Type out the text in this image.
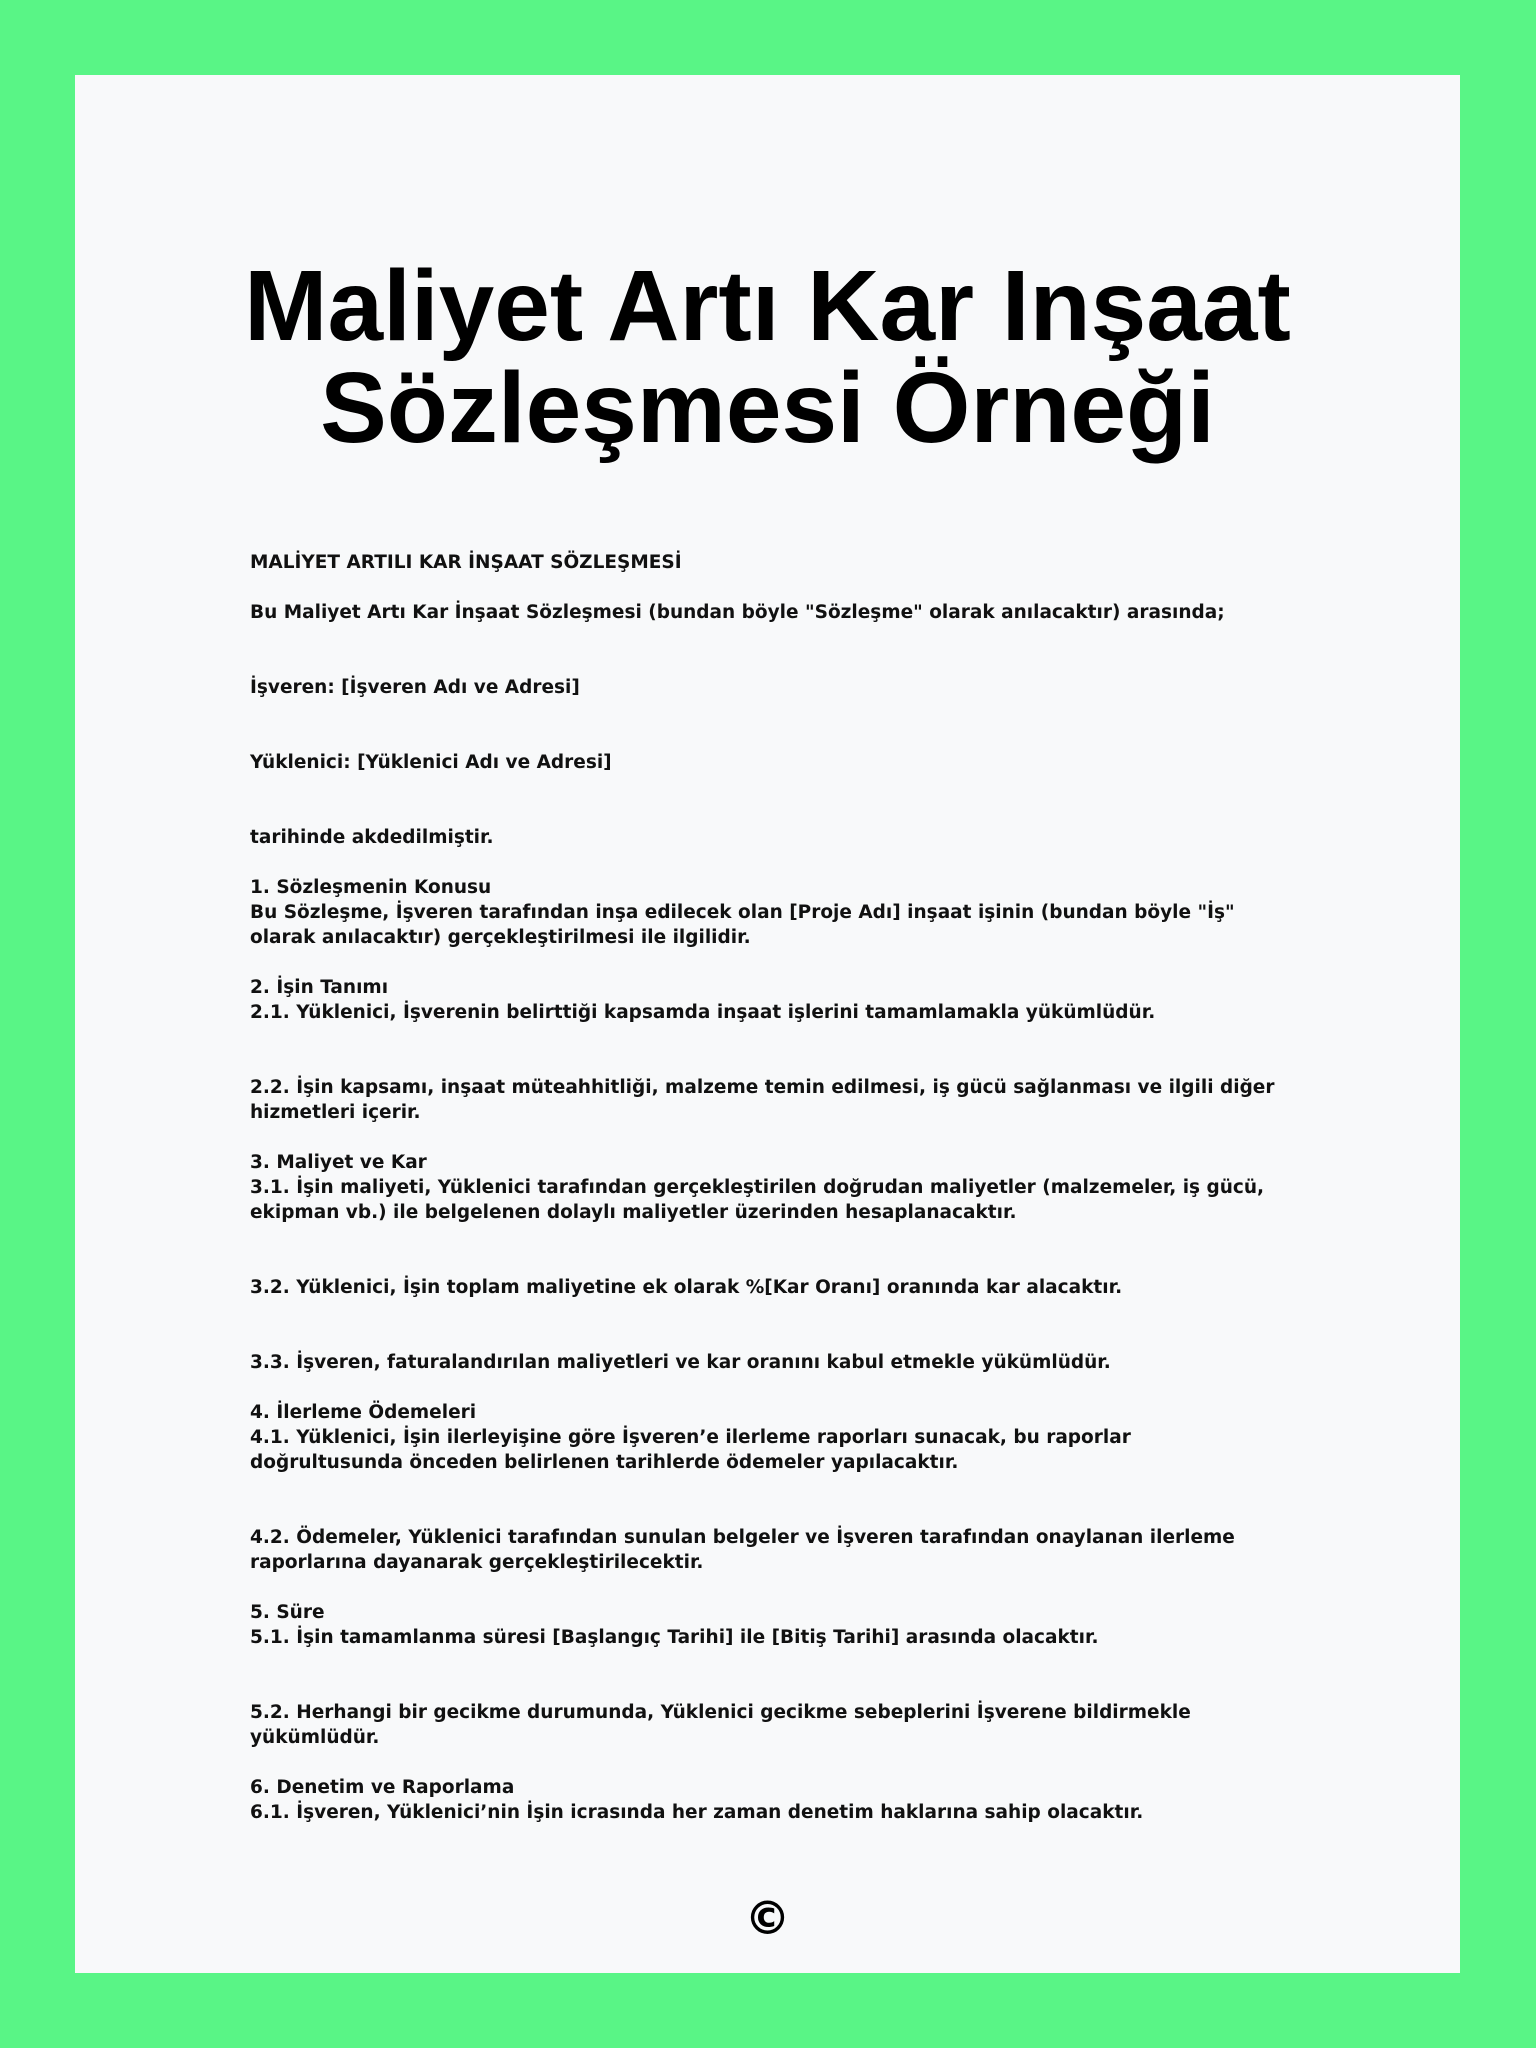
Maliyet Artı Kar Inşaat
Sözleşmesi Örneği

MALİYET ARTILI KAR İNŞAAT SÖZLEŞMESİ

Bu Maliyet Artı Kar İnşaat Sözleşmesi (bundan böyle "Sözleşme" olarak anılacaktır) arasında;

İşveren: [İşveren Adı ve Adresi]

Yüklenici: [Yüklenici Adı ve Adresi]

tarihinde akdedilmiştir.

1. Sözleşmenin Konusu

Bu Sözleşme, İşveren tarafından inşa edilecek olan [Proje Adı] inşaat işinin (bundan böyle "İş" olarak anılacaktır) gerçekleştirilmesi ile ilgilidir.

2. İşin Tanımı

2.1. Yüklenici, İşverenin belirttiği kapsamda inşaat işlerini tamamlamakla yükümlüdür.

2.2. İşin kapsamı, inşaat müteahhitliği, malzeme temin edilmesi, iş gücü sağlanması ve ilgili diğer hizmetleri içerir.

3. Maliyet ve Kar

3.1. İşin maliyeti, Yüklenici tarafından gerçekleştirilen doğrudan maliyetler (malzemeler, iş gücü, ekipman vb.) ile belgelenen dolaylı maliyetler üzerinden hesaplanacaktır.

3.2. Yüklenici, İşin toplam maliyetine ek olarak %[Kar Oranı] oranında kar alacaktır.

3.3. İşveren, faturalandırılan maliyetleri ve kar oranını kabul etmekle yükümlüdür.

4. İlerleme Ödemeleri

4.1. Yüklenici, İşin ilerleyişine göre İşveren’e ilerleme raporları sunacak, bu raporlar doğrultusunda önceden belirlenen tarihlerde ödemeler yapılacaktır.

4.2. Ödemeler, Yüklenici tarafından sunulan belgeler ve İşveren tarafından onaylanan ilerleme raporlarına dayanarak gerçekleştirilecektir.

5. Süre

5.1. İşin tamamlanma süresi [Başlangıç Tarihi] ile [Bitiş Tarihi] arasında olacaktır.

5.2. Herhangi bir gecikme durumunda, Yüklenici gecikme sebeplerini İşverene bildirmekle yükümlüdür.

6. Denetim ve Raporlama

6.1. İşveren, Yüklenici’nin İşin icrasında her zaman denetim haklarına sahip olacaktır.

©
